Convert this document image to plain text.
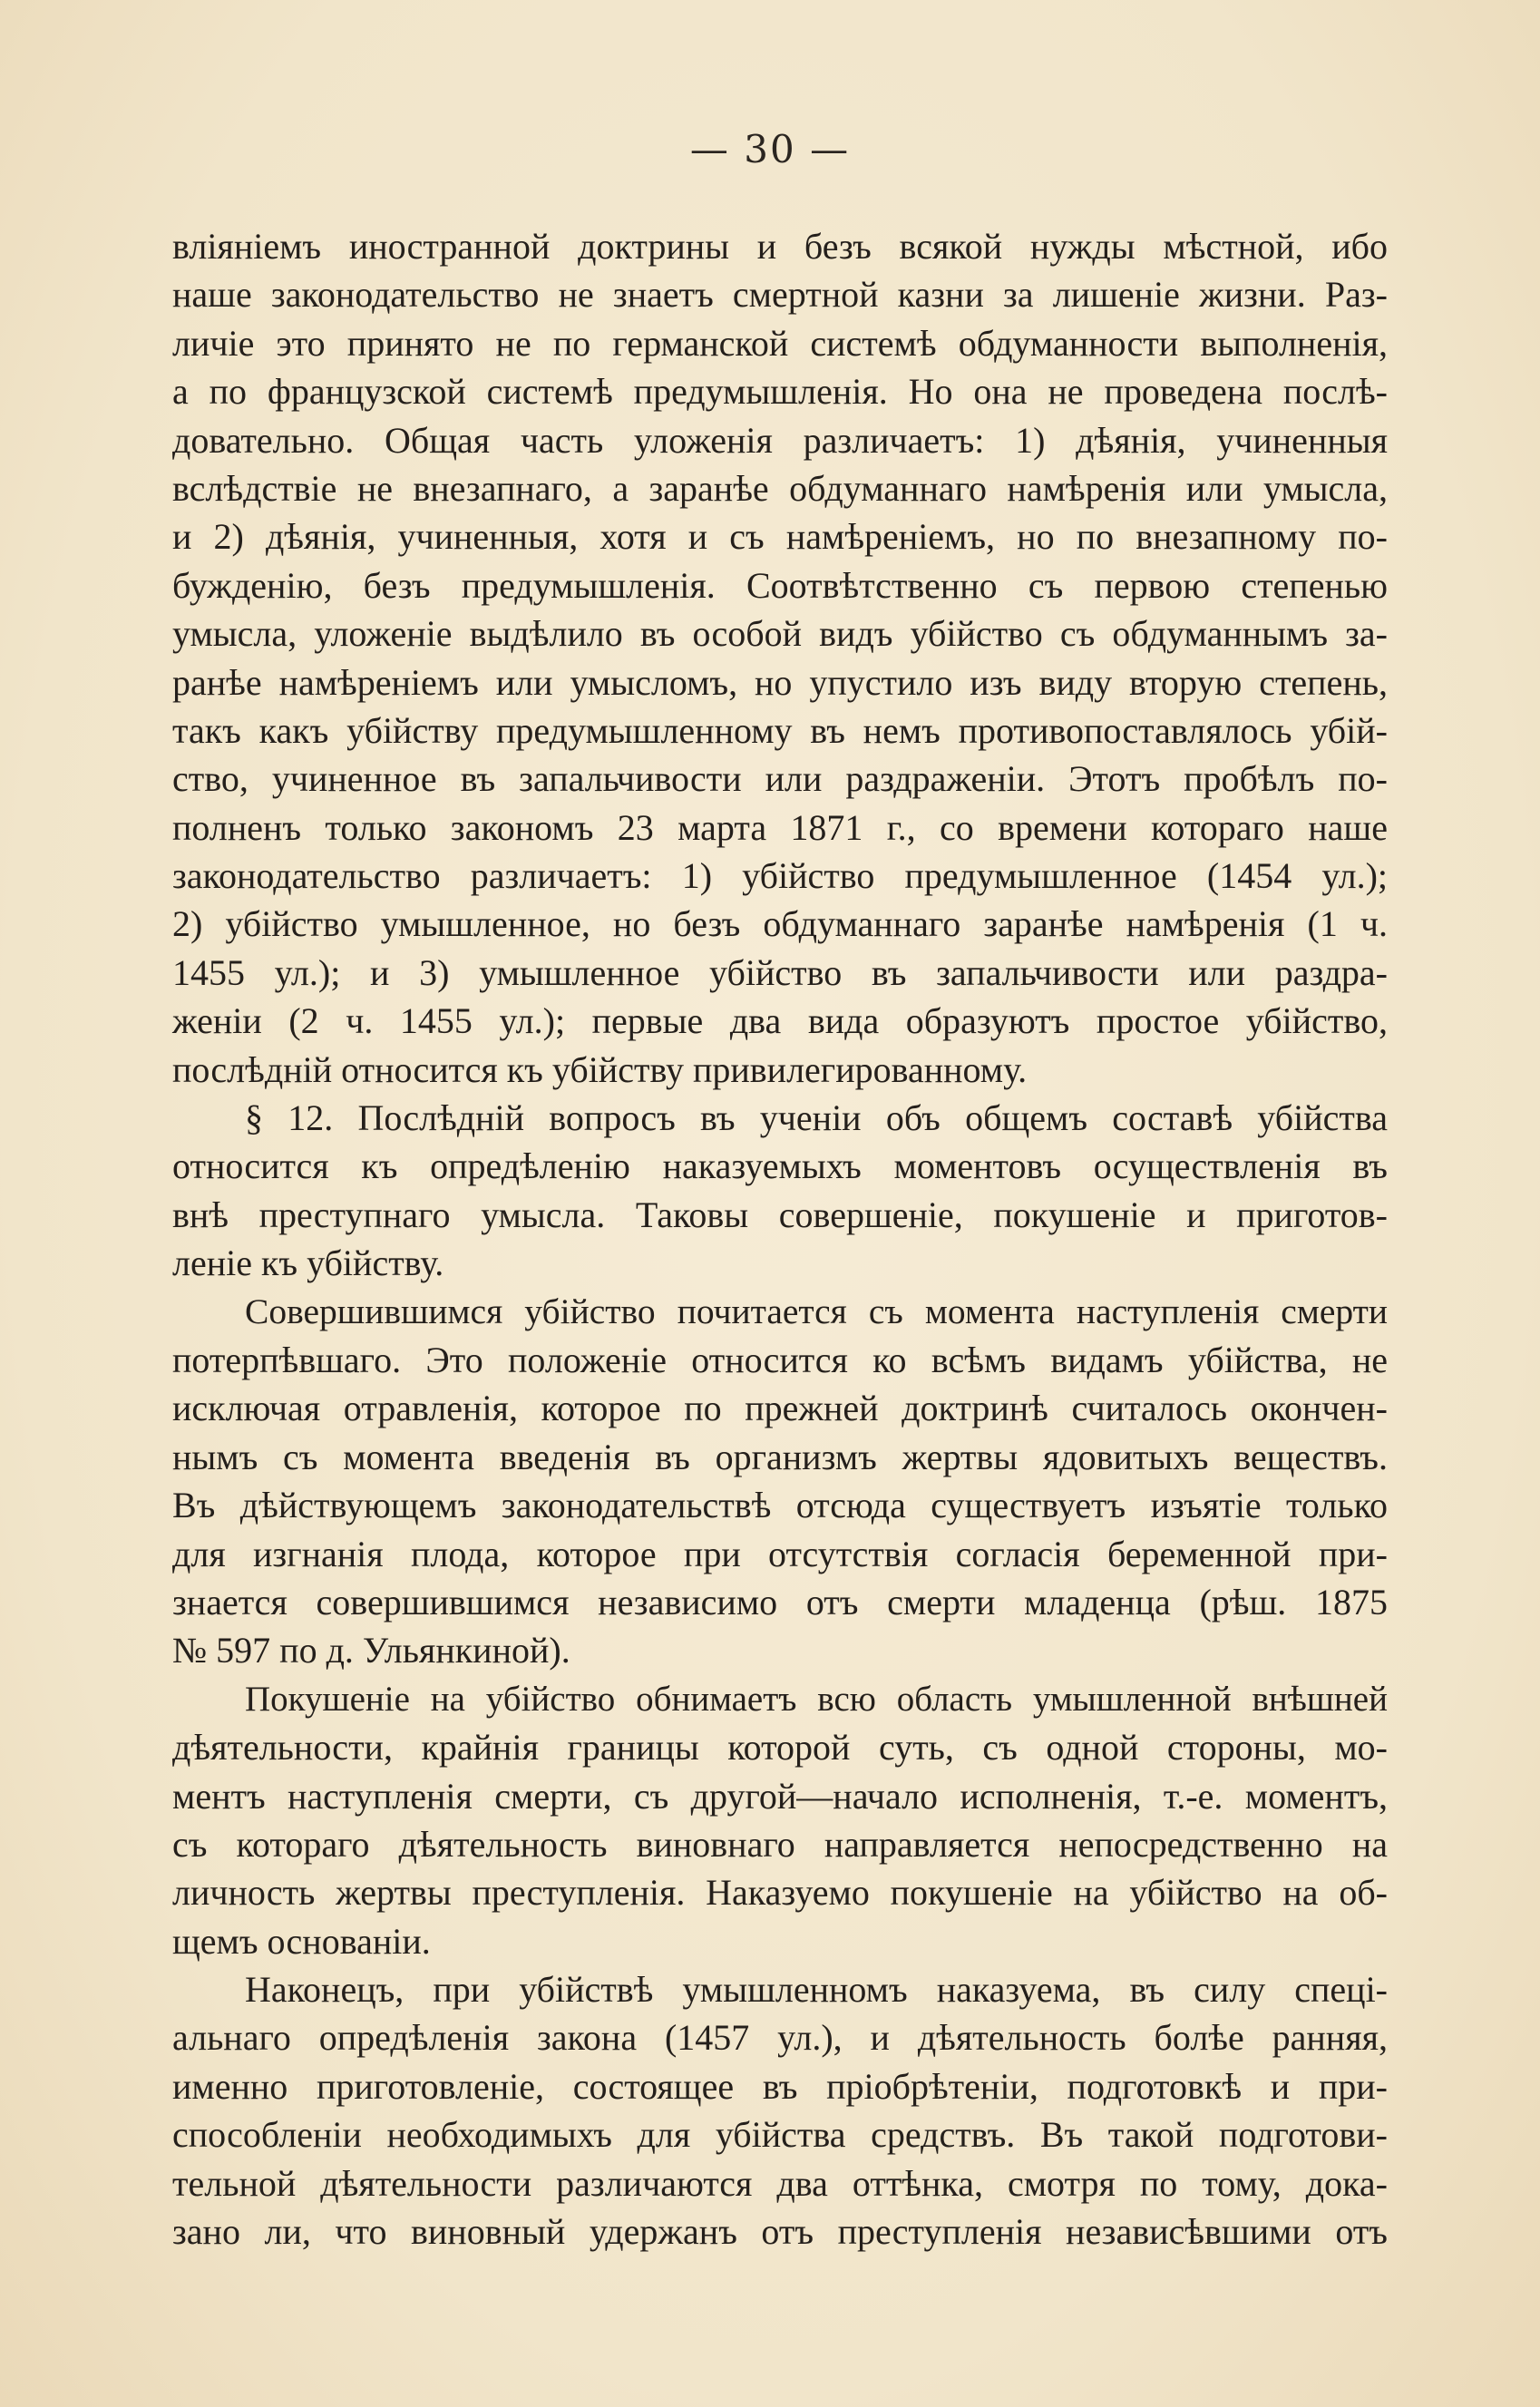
— 30 —
вліяніемъ иностранной доктрины и безъ всякой нужды мѣстной, ибо
наше законодательство не знаетъ смертной казни за лишеніе жизни. Раз-
личіе это принято не по германской системѣ обдуманности выполненія,
а по французской системѣ предумышленія. Но она не проведена послѣ-
довательно. Общая часть уложенія различаетъ: 1) дѣянія, учиненныя
вслѣдствіе не внезапнаго, а заранѣе обдуманнаго намѣренія или умысла,
и 2) дѣянія, учиненныя, хотя и съ намѣреніемъ, но по внезапному по-
бужденію, безъ предумышленія. Соотвѣтственно съ первою степенью
умысла, уложеніе выдѣлило въ особой видъ убійство съ обдуманнымъ за-
ранѣе намѣреніемъ или умысломъ, но упустило изъ виду вторую степень,
такъ какъ убійству предумышленному въ немъ противопоставлялось убій-
ство, учиненное въ запальчивости или раздраженіи. Этотъ пробѣлъ по-
полненъ только закономъ 23 марта 1871 г., со времени котораго наше
законодательство различаетъ: 1) убійство предумышленное (1454 ул.);
2) убійство умышленное, но безъ обдуманнаго заранѣе намѣренія (1 ч.
1455 ул.); и 3) умышленное убійство въ запальчивости или раздра-
женіи (2 ч. 1455 ул.); первые два вида образуютъ простое убійство,
послѣдній относится къ убійству привилегированному.
§ 12. Послѣдній вопросъ въ ученіи объ общемъ составѣ убійства
относится къ опредѣленію наказуемыхъ моментовъ осуществленія въ
внѣ преступнаго умысла. Таковы совершеніе, покушеніе и приготов-
леніе къ убійству.
Совершившимся убійство почитается съ момента наступленія смерти
потерпѣвшаго. Это положеніе относится ко всѣмъ видамъ убійства, не
исключая отравленія, которое по прежней доктринѣ считалось окончен-
нымъ съ момента введенія въ организмъ жертвы ядовитыхъ веществъ.
Въ дѣйствующемъ законодательствѣ отсюда существуетъ изъятіе только
для изгнанія плода, которое при отсутствія согласія беременной при-
знается совершившимся независимо отъ смерти младенца (рѣш. 1875
№ 597 по д. Ульянкиной).
Покушеніе на убійство обнимаетъ всю область умышленной внѣшней
дѣятельности, крайнія границы которой суть, съ одной стороны, мо-
ментъ наступленія смерти, съ другой—начало исполненія, т.-е. моментъ,
съ котораго дѣятельность виновнаго направляется непосредственно на
личность жертвы преступленія. Наказуемо покушеніе на убійство на об-
щемъ основаніи.
Наконецъ, при убійствѣ умышленномъ наказуема, въ силу спеці-
альнаго опредѣленія закона (1457 ул.), и дѣятельность болѣе ранняя,
именно приготовленіе, состоящее въ пріобрѣтеніи, подготовкѣ и при-
способленіи необходимыхъ для убійства средствъ. Въ такой подготови-
тельной дѣятельности различаются два оттѣнка, смотря по тому, дока-
зано ли, что виновный удержанъ отъ преступленія независѣвшими отъ
